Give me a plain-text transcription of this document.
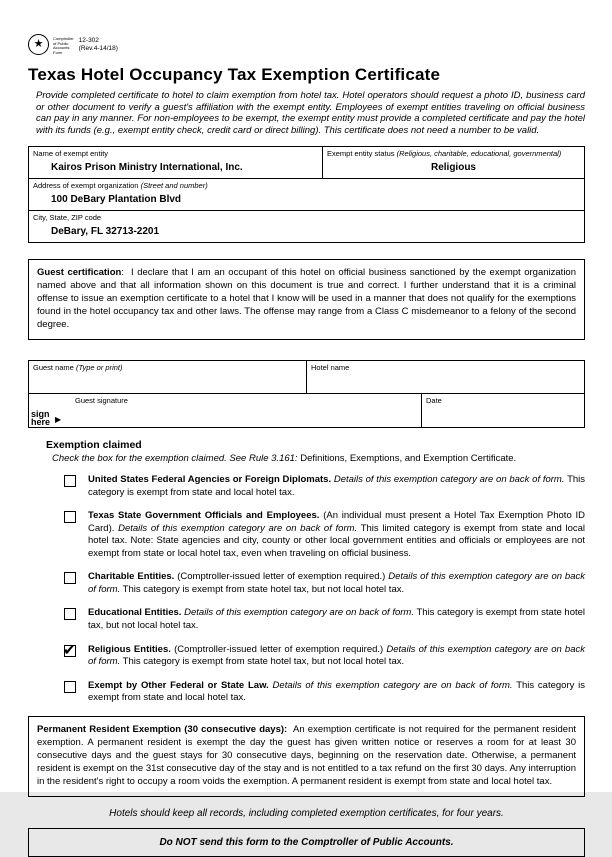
★	Comptroller
of Public
Accounts
Form
12-302
(Rev.4-14/18)
Texas Hotel Occupancy Tax Exemption Certificate
Provide completed certificate to hotel to claim exemption from hotel tax. Hotel operators should request a photo ID, business card or other document to verify a guest's affiliation with the exempt entity. Employees of exempt entities traveling on official business can pay in any manner. For non-employees to be exempt, the exempt entity must provide a completed certificate and pay the hotel with its funds (e.g., exempt entity check, credit card or direct billing). This certificate does not need a number to be valid.
Name of exempt entity
Kairos Prison Ministry International, Inc.
Exempt entity status (Religious, charitable, educational, governmental)
Religious
Address of exempt organization (Street and number)
100 DeBary Plantation Blvd
City, State, ZIP code
DeBary, FL 32713-2201
Guest certification: I declare that I am an occupant of this hotel on official business sanctioned by the exempt organization named above and that all information shown on this document is true and correct. I further understand that it is a criminal offense to issue an exemption certificate to a hotel that I know will be used in a manner that does not qualify for the exemptions found in the hotel occupancy tax and other laws. The offense may range from a Class C misdemeanor to a felony of the second degree.
Guest name (Type or print)	Hotel name
Guest signature
sign
here ▶
Date
Exemption claimed
Check the box for the exemption claimed. See Rule 3.161: Definitions, Exemptions, and Exemption Certificate.
United States Federal Agencies or Foreign Diplomats. Details of this exemption category are on back of form. This category is exempt from state and local hotel tax.
Texas State Government Officials and Employees. (An individual must present a Hotel Tax Exemption Photo ID Card). Details of this exemption category are on back of form. This limited category is exempt from state and local hotel tax. Note: State agencies and city, county or other local government entities and officials or employees are not exempt from state or local hotel tax, even when traveling on official business.
Charitable Entities. (Comptroller-issued letter of exemption required.) Details of this exemption category are on back of form. This category is exempt from state hotel tax, but not local hotel tax.
Educational Entities. Details of this exemption category are on back of form. This category is exempt from state hotel tax, but not local hotel tax.
✔
Religious Entities. (Comptroller-issued letter of exemption required.) Details of this exemption category are on back of form. This category is exempt from state hotel tax, but not local hotel tax.
Exempt by Other Federal or State Law. Details of this exemption category are on back of form. This category is exempt from state and local hotel tax.
Permanent Resident Exemption (30 consecutive days): An exemption certificate is not required for the permanent resident exemption. A permanent resident is exempt the day the guest has given written notice or reserves a room for at least 30 consecutive days and the guest stays for 30 consecutive days, beginning on the reservation date. Otherwise, a permanent resident is exempt on the 31st consecutive day of the stay and is not entitled to a tax refund on the first 30 days. Any interruption in the resident's right to occupy a room voids the exemption. A permanent resident is exempt from state and local hotel tax.
Hotels should keep all records, including completed exemption certificates, for four years.
Do NOT send this form to the Comptroller of Public Accounts.
